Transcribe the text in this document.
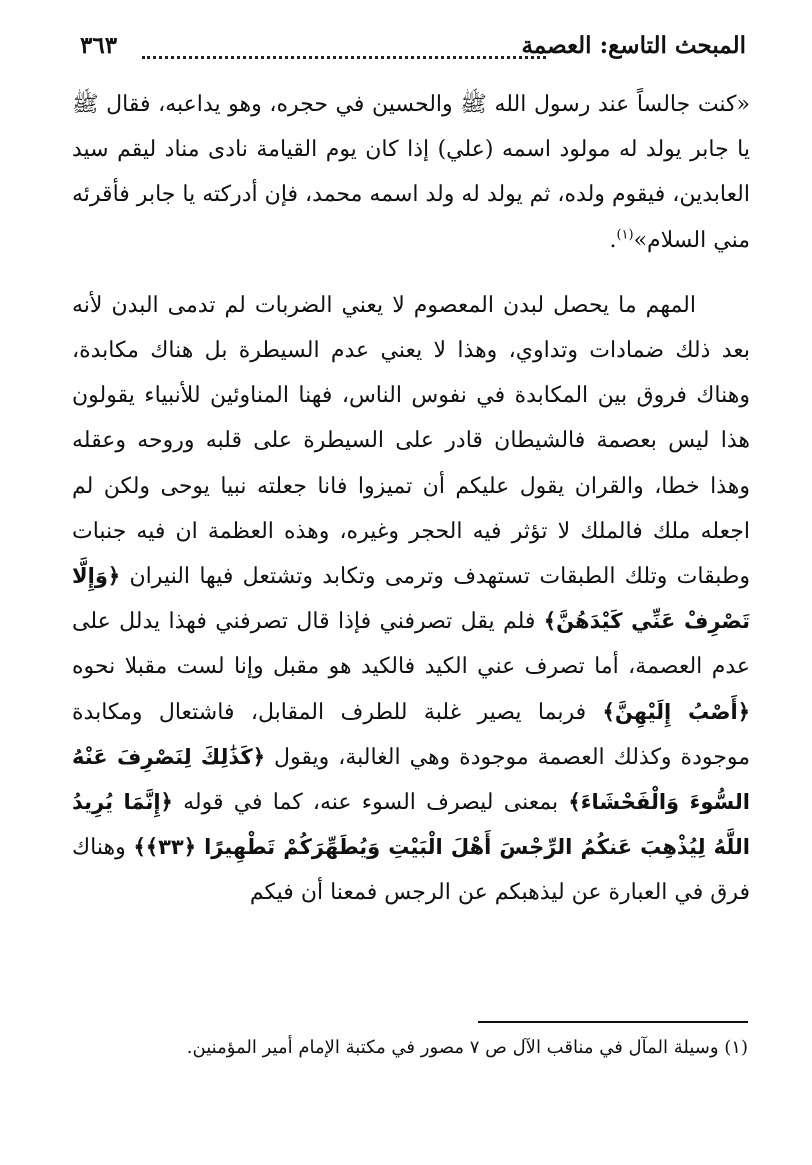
المبحث التاسع: العصمة
٣٦٣

«كنت جالساً عند رسول الله ﷺ والحسين في حجره، وهو يداعبه، فقال ﷺ يا جابر يولد له مولود اسمه (علي) إذا كان يوم القيامة نادى مناد ليقم سيد العابدين، فيقوم ولده، ثم يولد له ولد اسمه محمد، فإن أدركته يا جابر فأقرئه مني السلام»$^{(١)}$.

المهم ما يحصل لبدن المعصوم لا يعني الضربات لم تدمى البدن لأنه بعد ذلك ضمادات وتداوي، وهذا لا يعني عدم السيطرة بل هناك مكابدة، وهناك فروق بين المكابدة في نفوس الناس، فهنا المناوئين للأنبياء يقولون هذا ليس بعصمة فالشيطان قادر على السيطرة على قلبه وروحه وعقله وهذا خطا، والقران يقول عليكم أن تميزوا فانا جعلته نبيا يوحى ولكن لم اجعله ملك فالملك لا تؤثر فيه الحجر وغيره، وهذه العظمة ان فيه جنبات وطبقات وتلك الطبقات تستهدف وترمى وتكابد وتشتعل فيها النيران ﴿وَإِلَّا تَصْرِفْ عَنِّي كَيْدَهُنَّ﴾ فلم يقل تصرفني فإذا قال تصرفني فهذا يدلل على عدم العصمة، أما تصرف عني الكيد فالكيد هو مقبل وإنا لست مقبلا نحوه ﴿أَصْبُ إِلَيْهِنَّ﴾ فربما يصير غلبة للطرف المقابل، فاشتعال ومكابدة موجودة وكذلك العصمة موجودة وهي الغالبة، ويقول ﴿كَذَٰلِكَ لِنَصْرِفَ عَنْهُ السُّوءَ وَالْفَحْشَاءَ﴾ بمعنى ليصرف السوء عنه، كما في قوله ﴿إِنَّمَا يُرِيدُ اللَّهُ لِيُذْهِبَ عَنكُمُ الرِّجْسَ أَهْلَ الْبَيْتِ وَيُطَهِّرَكُمْ تَطْهِيرًا ﴿٣٣﴾﴾ وهناك فرق في العبارة عن ليذهبكم عن الرجس فمعنا أن فيكم

(١) وسيلة المآل في مناقب الآل ص ٧ مصور في مكتبة الإمام أمير المؤمنين.
